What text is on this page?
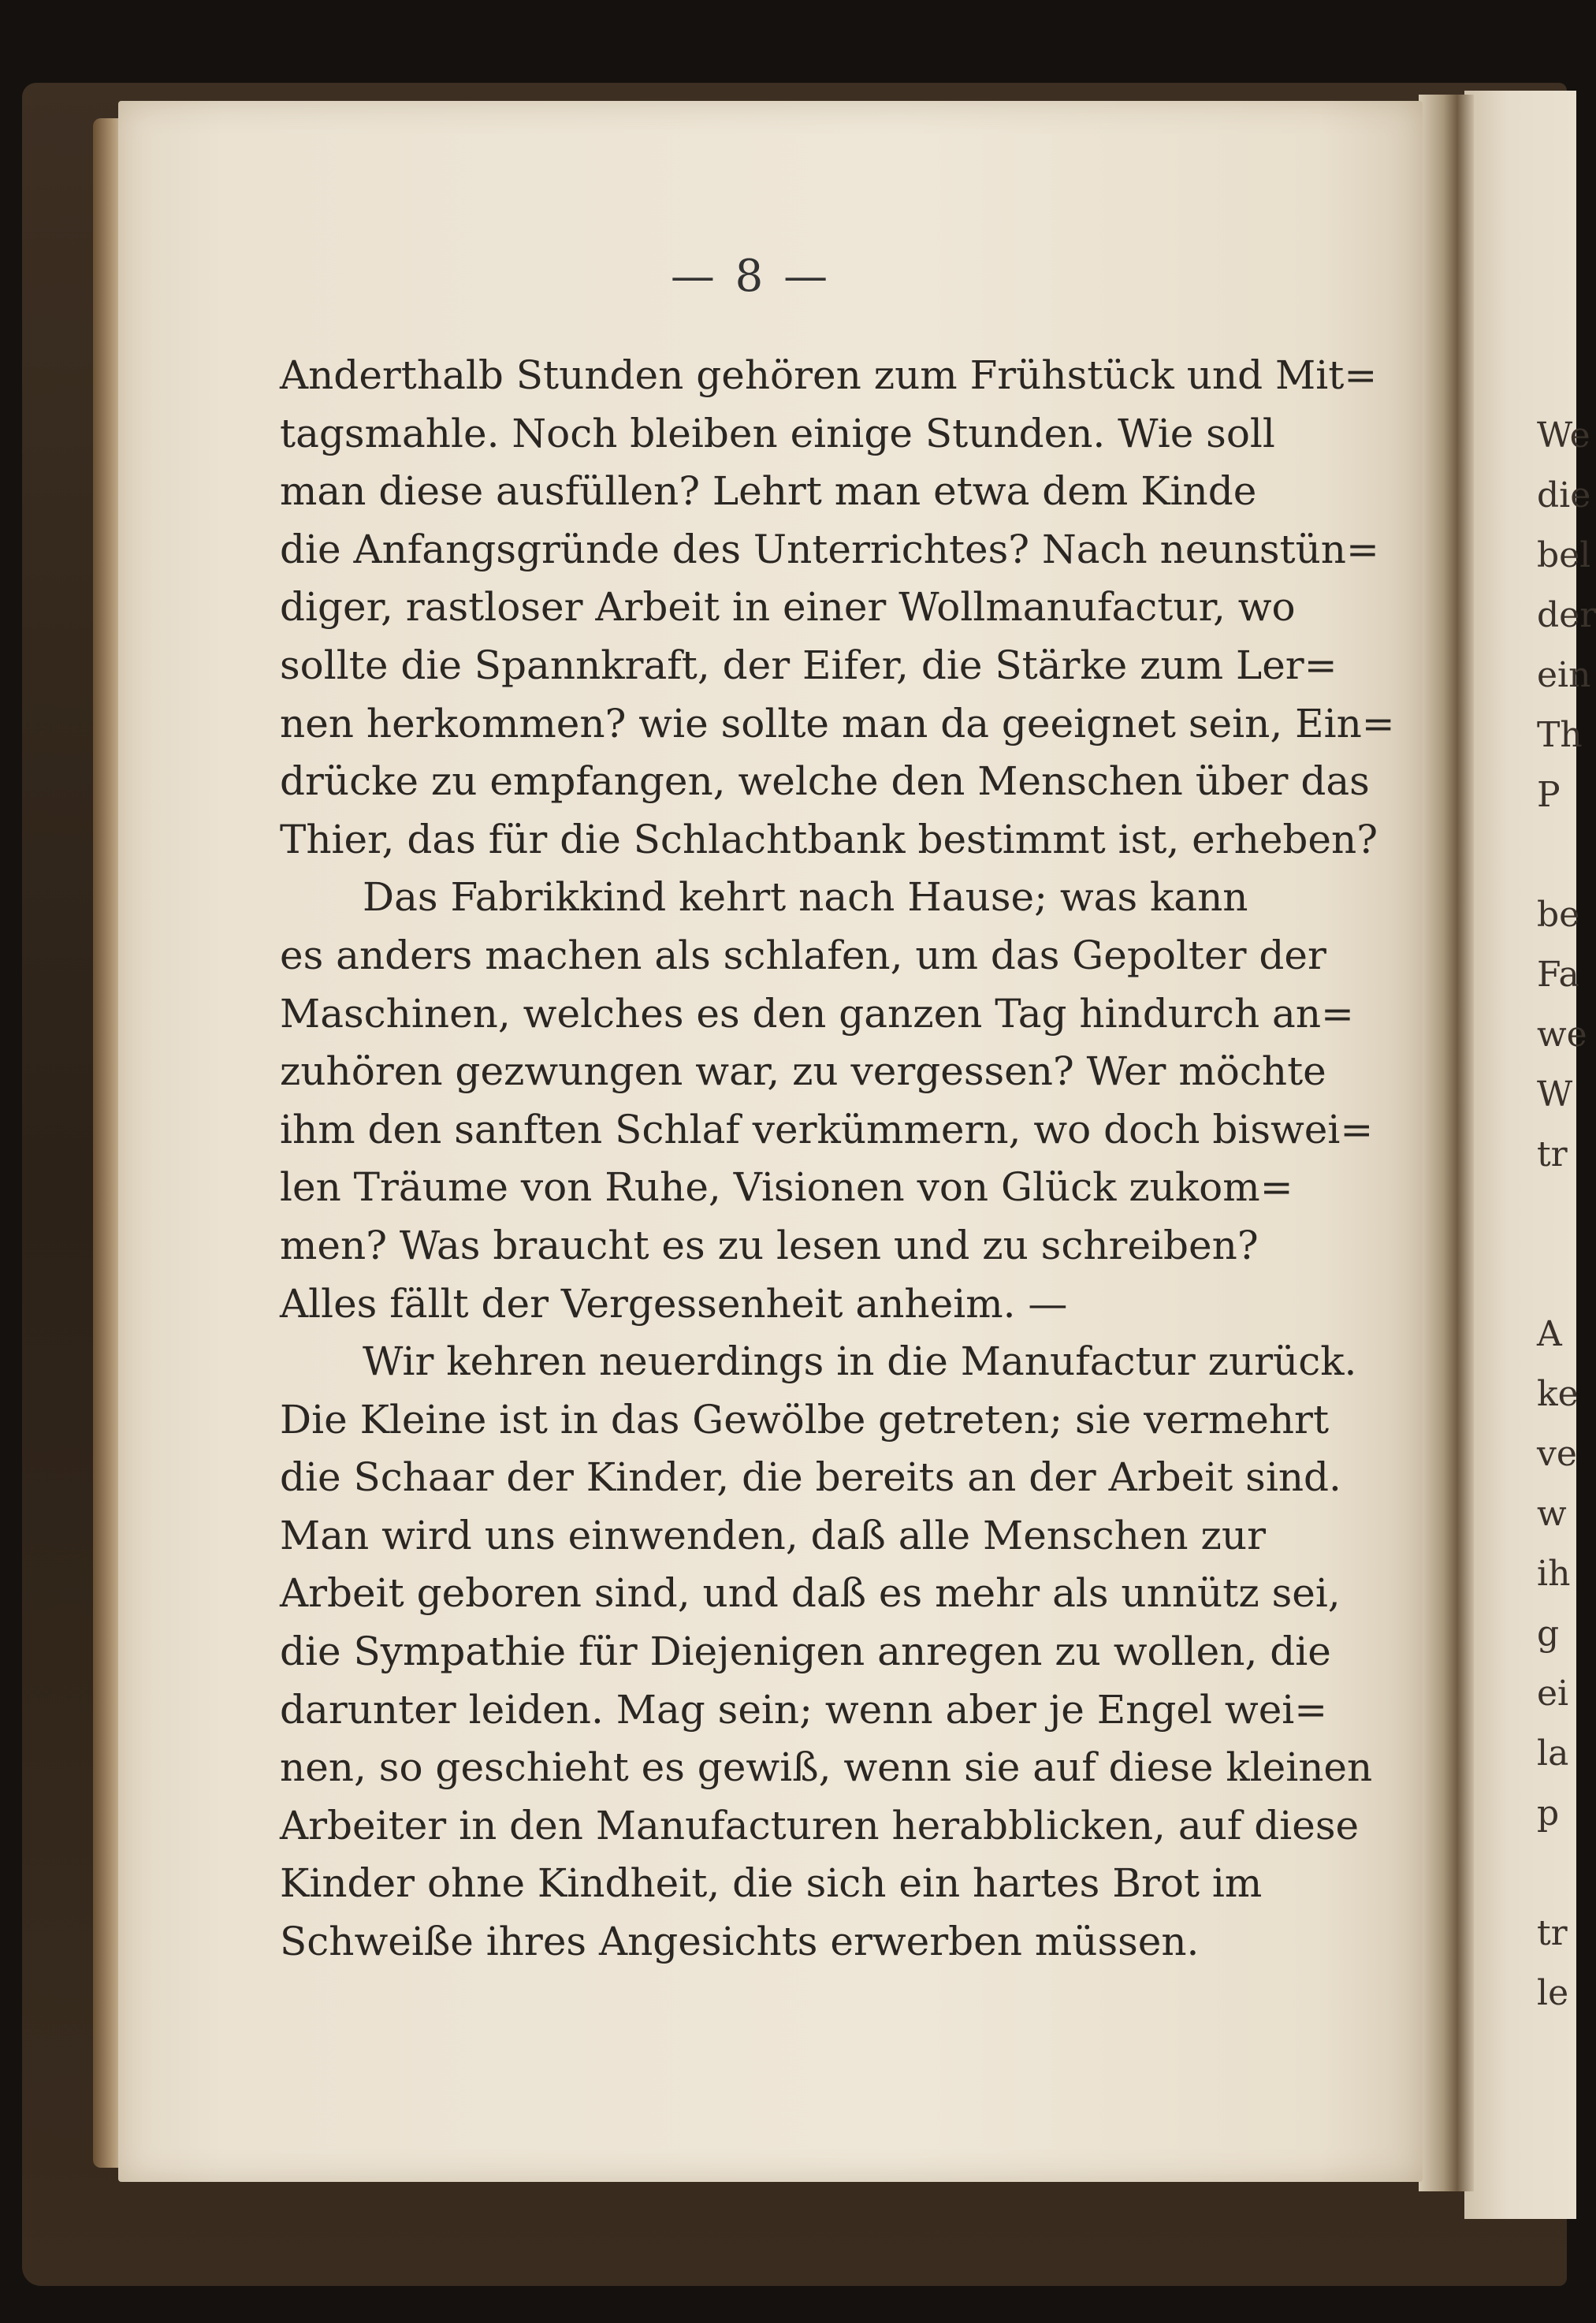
We
die
bel
der
ein
Th
P

be
Fa
we
W
tr

A
ke
ve
w
ih
g
ei
la
p

tr
le
— 8 —
Anderthalb Stunden gehören zum Frühstück und Mit=
tagsmahle. Noch bleiben einige Stunden. Wie soll
man diese ausfüllen? Lehrt man etwa dem Kinde
die Anfangsgründe des Unterrichtes? Nach neunstün=
diger, rastloser Arbeit in einer Wollmanufactur, wo
sollte die Spannkraft, der Eifer, die Stärke zum Ler=
nen herkommen? wie sollte man da geeignet sein, Ein=
drücke zu empfangen, welche den Menschen über das
Thier, das für die Schlachtbank bestimmt ist, erheben?
Das Fabrikkind kehrt nach Hause; was kann
es anders machen als schlafen, um das Gepolter der
Maschinen, welches es den ganzen Tag hindurch an=
zuhören gezwungen war, zu vergessen? Wer möchte
ihm den sanften Schlaf verkümmern, wo doch biswei=
len Träume von Ruhe, Visionen von Glück zukom=
men? Was braucht es zu lesen und zu schreiben?
Alles fällt der Vergessenheit anheim. —
Wir kehren neuerdings in die Manufactur zurück.
Die Kleine ist in das Gewölbe getreten; sie vermehrt
die Schaar der Kinder, die bereits an der Arbeit sind.
Man wird uns einwenden, daß alle Menschen zur
Arbeit geboren sind, und daß es mehr als unnütz sei,
die Sympathie für Diejenigen anregen zu wollen, die
darunter leiden. Mag sein; wenn aber je Engel wei=
nen, so geschieht es gewiß, wenn sie auf diese kleinen
Arbeiter in den Manufacturen herabblicken, auf diese
Kinder ohne Kindheit, die sich ein hartes Brot im
Schweiße ihres Angesichts erwerben müssen.
